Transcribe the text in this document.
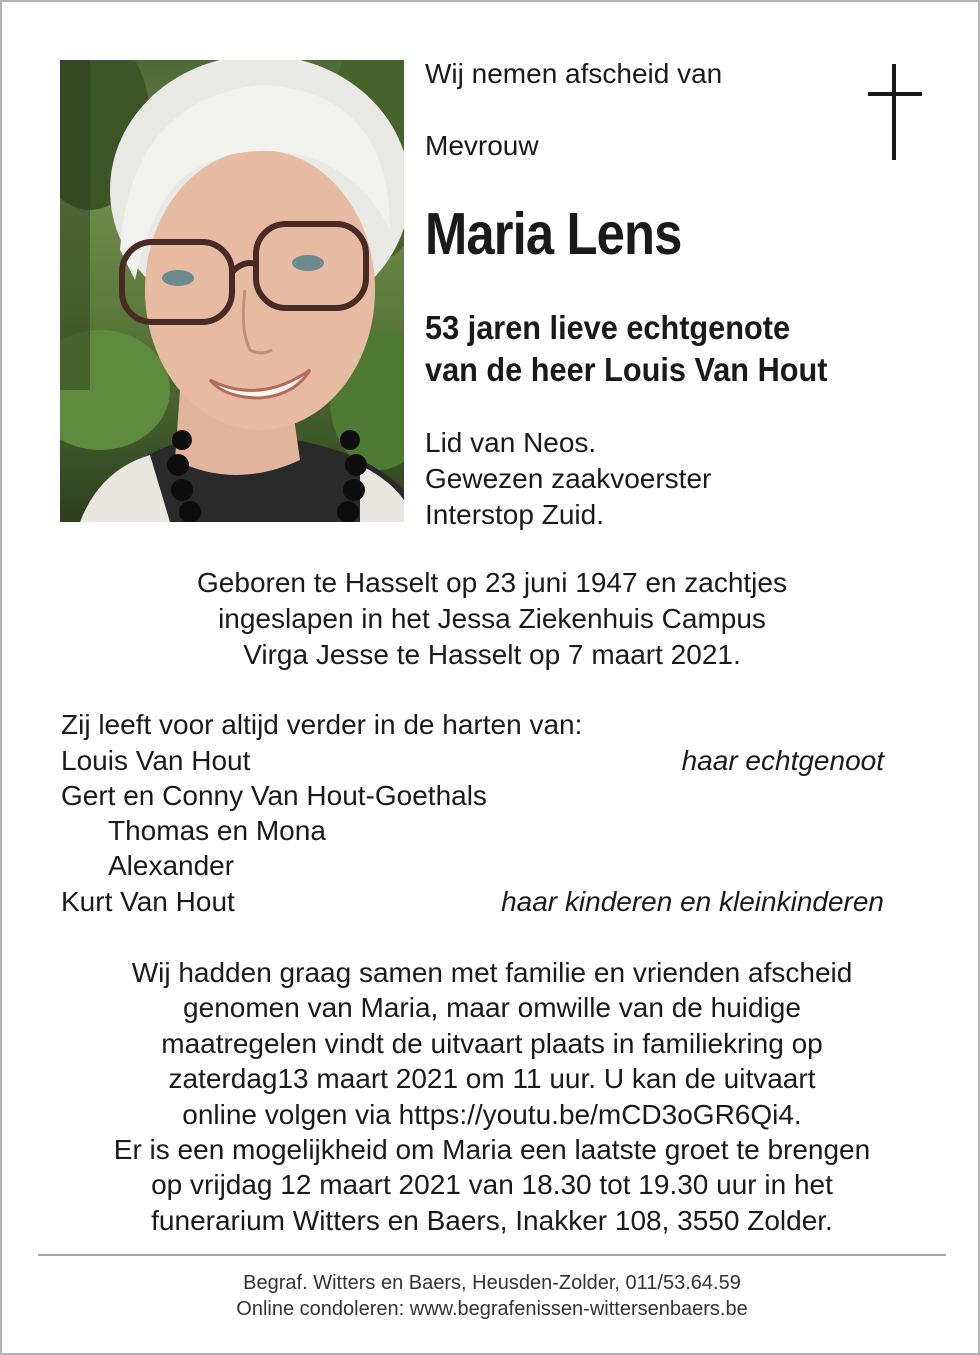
Wij nemen afscheid van
Mevrouw
Maria Lens
53 jaren lieve echtgenote
van de heer Louis Van Hout
Lid van Neos.
Gewezen zaakvoerster
Interstop Zuid.
Geboren te Hasselt op 23 juni 1947 en zachtjes
ingeslapen in het Jessa Ziekenhuis Campus
Virga Jesse te Hasselt op 7 maart 2021.
Zij leeft voor altijd verder in de harten van:
Louis Van Hout	haar echtgenoot
Gert en Conny Van Hout-Goethals
Thomas en Mona
Alexander
Kurt Van Hout	haar kinderen en kleinkinderen
Wij hadden graag samen met familie en vrienden afscheid
genomen van Maria, maar omwille van de huidige
maatregelen vindt de uitvaart plaats in familiekring op
zaterdag13 maart 2021 om 11 uur. U kan de uitvaart
online volgen via https://youtu.be/mCD3oGR6Qi4.
Er is een mogelijkheid om Maria een laatste groet te brengen
op vrijdag 12 maart 2021 van 18.30 tot 19.30 uur in het
funerarium Witters en Baers, Inakker 108, 3550 Zolder.
Begraf. Witters en Baers, Heusden-Zolder, 011/53.64.59
Online condoleren: www.begrafenissen-wittersenbaers.be
